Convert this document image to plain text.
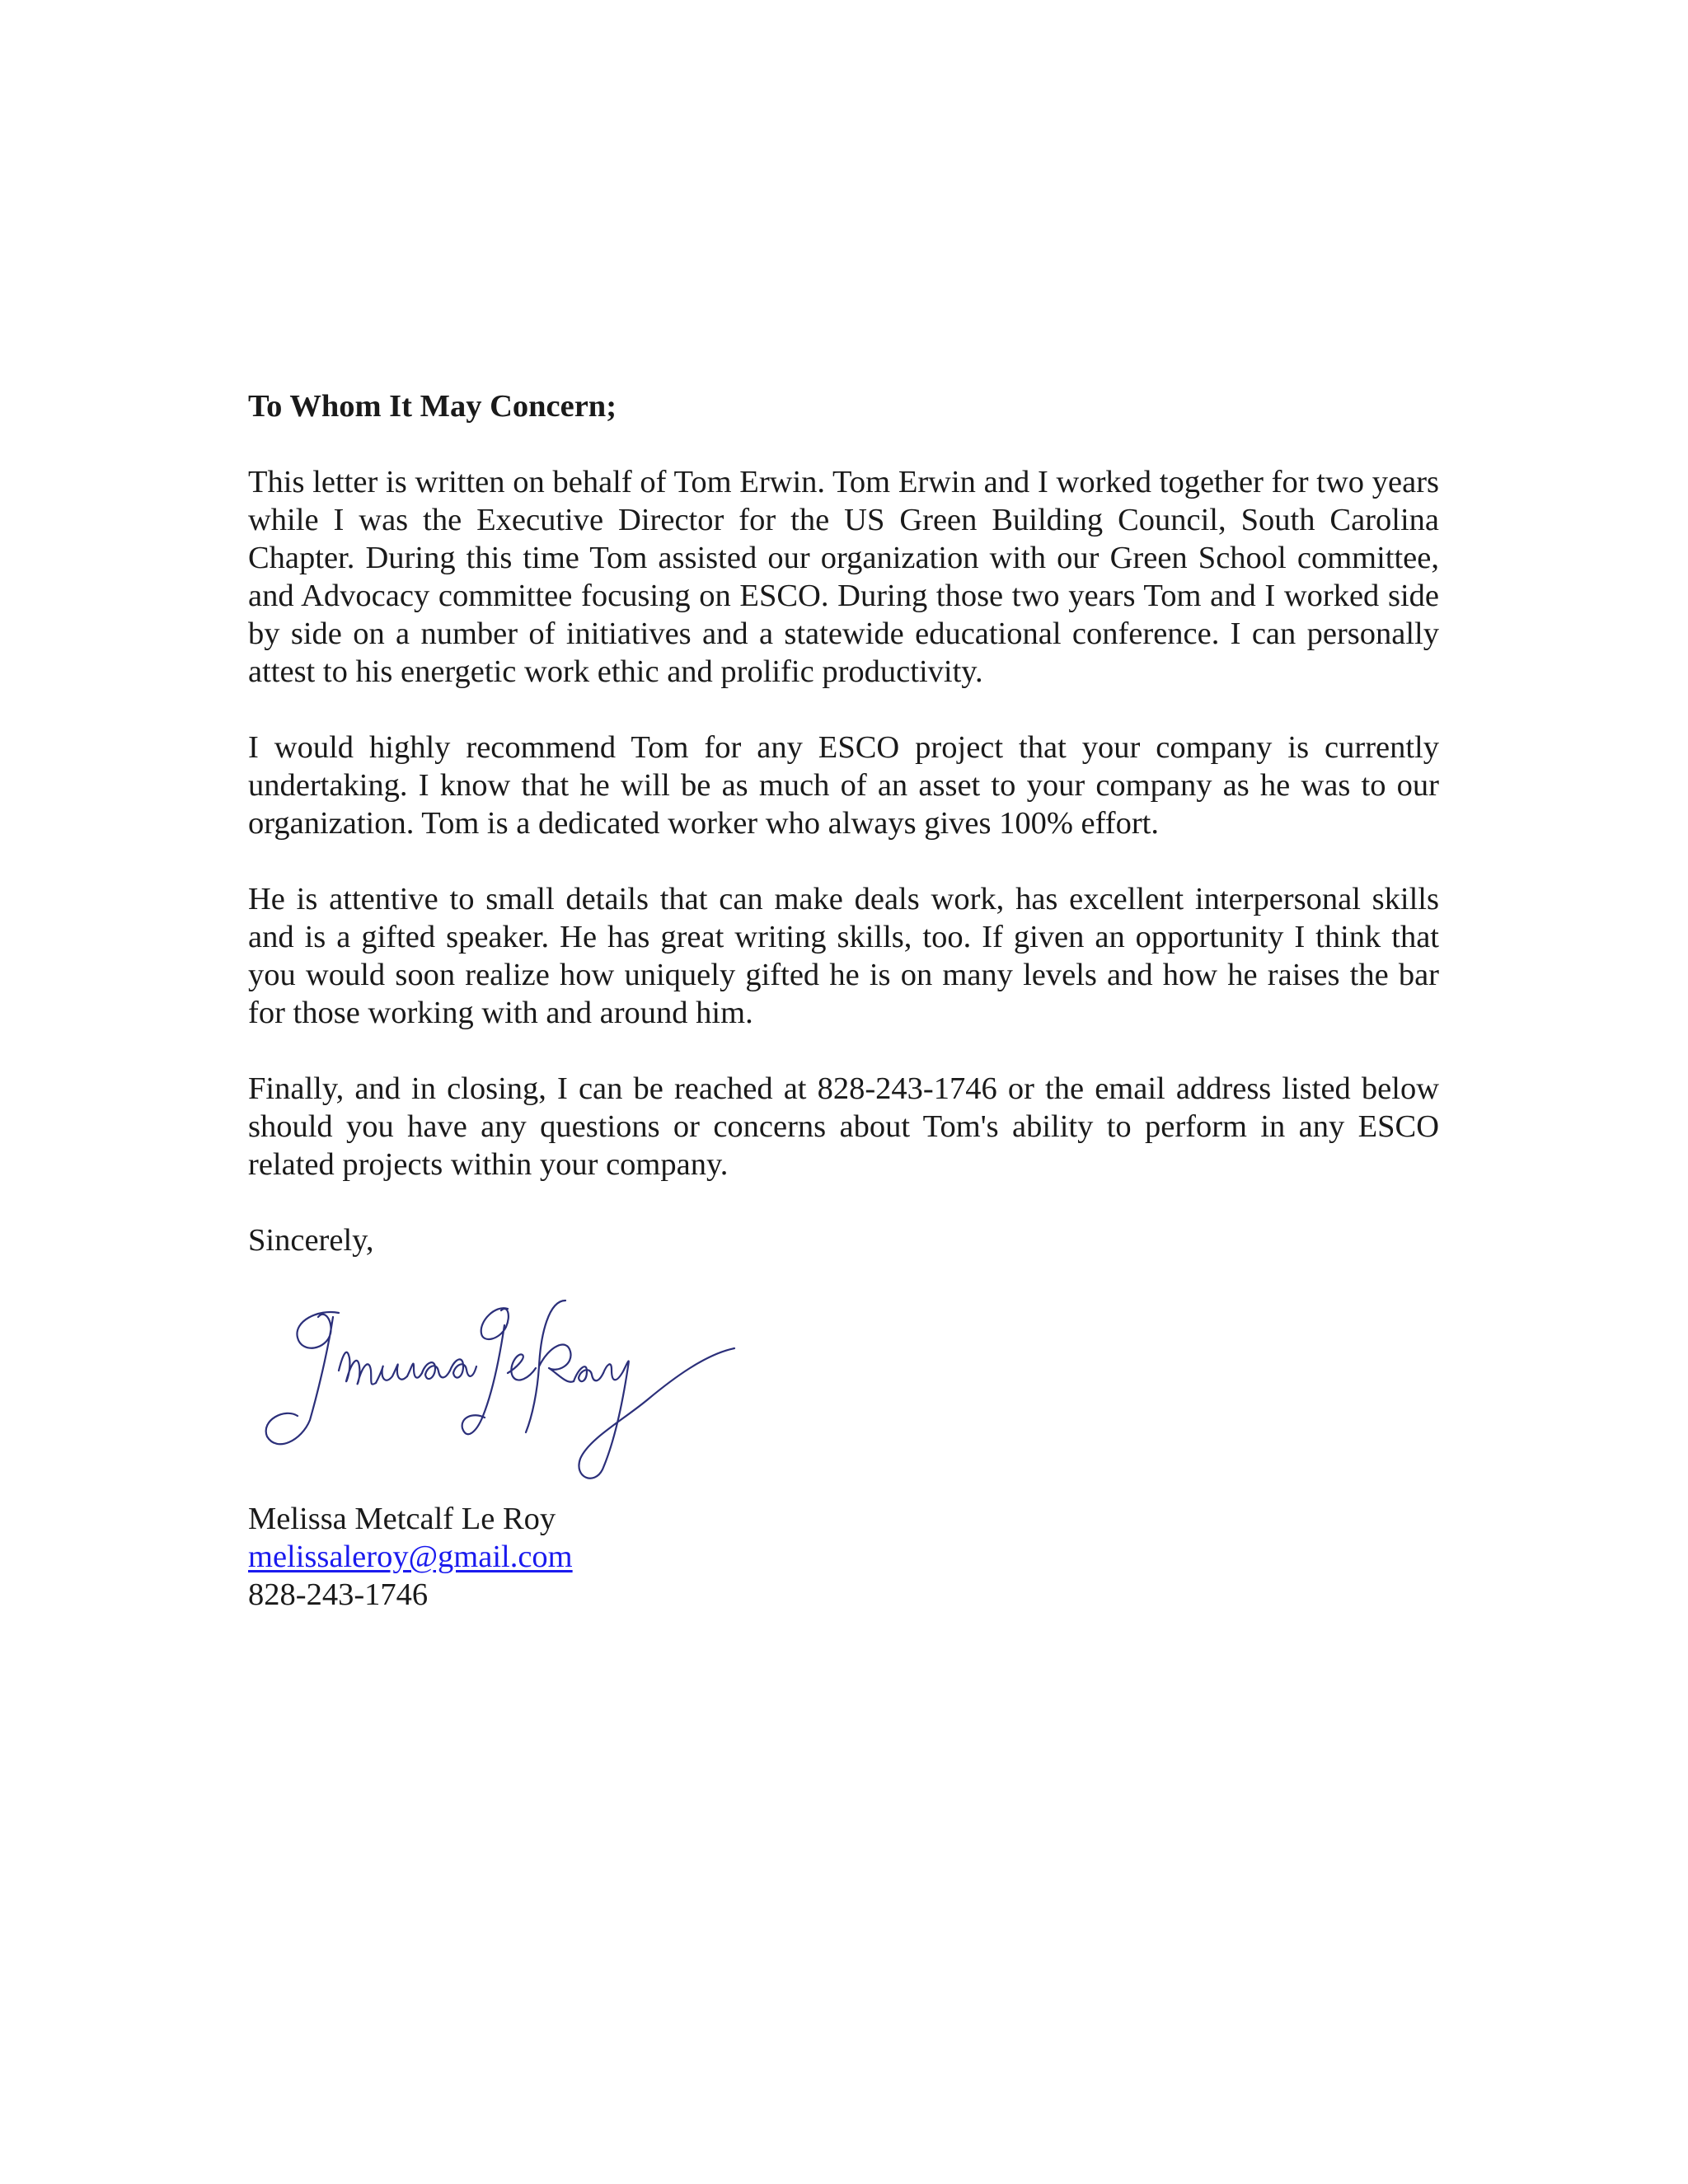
To Whom It May Concern;

This letter is written on behalf of Tom Erwin. Tom Erwin and I worked together for two years while I was the Executive Director for the US Green Building Council, South Carolina Chapter. During this time Tom assisted our organization with our Green School committee, and Advocacy committee focusing on ESCO. During those two years Tom and I worked side by side on a number of initiatives and a statewide educational conference. I can personally attest to his energetic work ethic and prolific productivity.

I would highly recommend Tom for any ESCO project that your company is currently undertaking. I know that he will be as much of an asset to your company as he was to our organization. Tom is a dedicated worker who always gives 100% effort.

He is attentive to small details that can make deals work, has excellent interpersonal skills and is a gifted speaker. He has great writing skills, too. If given an opportunity I think that you would soon realize how uniquely gifted he is on many levels and how he raises the bar for those working with and around him.

Finally, and in closing, I can be reached at 828-243-1746 or the email address listed below should you have any questions or concerns about Tom's ability to perform in any ESCO related projects within your company.

Sincerely,

Melissa Metcalf Le Roy
melissaleroy@gmail.com
828-243-1746
